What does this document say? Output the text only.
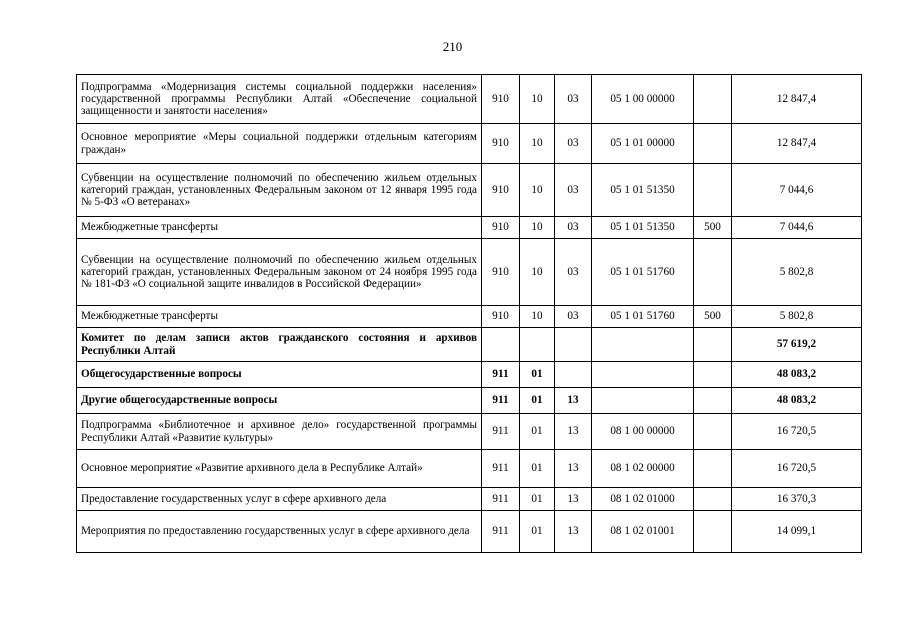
210
Подпрограмма «Модернизация системы социальной поддержки населения» государственной программы Республики Алтай «Обеспечение социальной защищенности и занятости населения»	910	10	03	05 1 00 00000		12 847,4
Основное мероприятие «Меры социальной поддержки отдельным категориям граждан»	910	10	03	05 1 01 00000		12 847,4
Субвенции на осуществление полномочий по обеспечению жильем отдельных категорий граждан, установленных Федеральным законом от 12 января 1995 года № 5-ФЗ «О ветеранах»	910	10	03	05 1 01 51350		7 044,6
Межбюджетные трансферты	910	10	03	05 1 01 51350	500	7 044,6
Субвенции на осуществление полномочий по обеспечению жильем отдельных категорий граждан, установленных Федеральным законом от 24 ноября 1995 года № 181-ФЗ «О социальной защите инвалидов в Российской Федерации»	910	10	03	05 1 01 51760		5 802,8
Межбюджетные трансферты	910	10	03	05 1 01 51760	500	5 802,8
Комитет по делам записи актов гражданского состояния и архивов Республики Алтай						57 619,2
Общегосударственные вопросы	911	01				48 083,2
Другие общегосударственные вопросы	911	01	13			48 083,2
Подпрограмма «Библиотечное и архивное дело» государственной программы Республики Алтай «Развитие культуры»	911	01	13	08 1 00 00000		16 720,5
Основное мероприятие «Развитие архивного дела в Республике Алтай»	911	01	13	08 1 02 00000		16 720,5
Предоставление государственных услуг в сфере архивного дела	911	01	13	08 1 02 01000		16 370,3
Мероприятия по предоставлению государственных услуг в сфере архивного дела	911	01	13	08 1 02 01001		14 099,1
